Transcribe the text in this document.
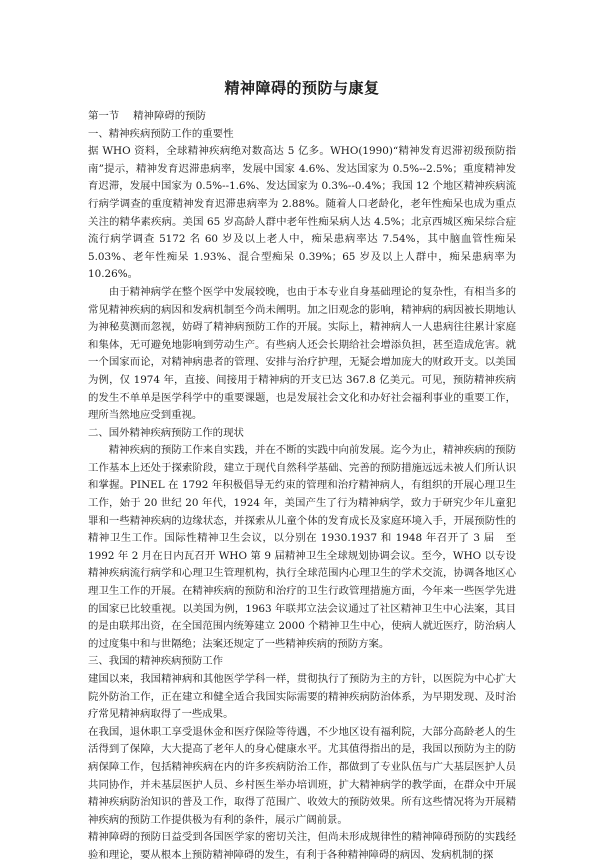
精神障碍的预防与康复

第一节 精神障碍的预防

一、精神疾病预防工作的重要性

据 WHO 资料，全球精神疾病绝对数高达 5 亿多。WHO(1990)“精神发育迟滞初级预防指南”提示，精神发育迟滞患病率，发展中国家 4.6%、发达国家为 0.5%--2.5%；重度精神发育迟滞，发展中国家为 0.5%--1.6%、发达国家为 0.3%--0.4%；我国 12 个地区精神疾病流行病学调查的重度精神发育迟滞患病率为 2.88%。随着人口老龄化，老年性痴呆也成为重点关注的精华素疾病。美国 65 岁高龄人群中老年性痴呆病人达 4.5%；北京西城区痴呆综合症流行病学调查 5172 名 60 岁及以上老人中，痴呆患病率达 7.54%，其中脑血管性痴呆 5.03%、老年性痴呆 1.93%、混合型痴呆 0.39%；65 岁及以上人群中，痴呆患病率为 10.26%。

由于精神病学在整个医学中发展较晚，也由于本专业自身基础理论的复杂性，有相当多的常见精神疾病的病因和发病机制至今尚未阐明。加之旧观念的影响，精神病的病因被长期地认为神秘莫测而忽视，妨碍了精神病预防工作的开展。实际上，精神病人一人患病往往累计家庭和集体，无可避免地影响到劳动生产。有些病人还会长期给社会增添负担，甚至造成危害。就一个国家而论，对精神病患者的管理、安排与治疗护理，无疑会增加庞大的财政开支。以美国为例，仅 1974 年，直接、间接用于精神病的开支已达 367.8 亿美元。可见，预防精神疾病的发生不单单是医学科学中的重要课题，也是发展社会文化和办好社会福利事业的重要工作，理所当然地应受到重视。

二、国外精神疾病预防工作的现状

精神疾病的预防工作来自实践，并在不断的实践中向前发展。迄今为止，精神疾病的预防工作基本上还处于探索阶段，建立于现代自然科学基础、完善的预防措施远远未被人们所认识和掌握。PINEL 在 1792 年积极倡导无约束的管理和治疗精神病人，有组织的开展心理卫生工作，始于 20 世纪 20 年代，1924 年，美国产生了行为精神病学，致力于研究少年儿童犯罪和一些精神疾病的边缘状态，并探索从儿童个体的发育成长及家庭环境入手，开展预防性的精神卫生工作。国际性精神卫生会议，以分别在 1930.1937 和 1948 年召开了 3 届　至 1992 年 2 月在日内瓦召开 WHO 第 9 届精神卫生全球规划协调会议。至今，WHO 以专设精神疾病流行病学和心理卫生管理机构，执行全球范围内心理卫生的学术交流，协调各地区心理卫生工作的开展。在精神疾病的预防和治疗的卫生行政管理措施方面，今年来一些医学先进的国家已比较重视。以美国为例，1963 年联邦立法会议通过了社区精神卫生中心法案，其目的是由联邦出资，在全国范围内统筹建立 2000 个精神卫生中心，使病人就近医疗，防治病人的过度集中和与世隔绝；法案还规定了一些精神疾病的预防方案。

三、我国的精神疾病预防工作

建国以来，我国精神病和其他医学学科一样，贯彻执行了预防为主的方针，以医院为中心扩大院外防治工作，正在建立和健全适合我国实际需要的精神疾病防治体系，为早期发现、及时治疗常见精神病取得了一些成果。

在我国，退休职工享受退休金和医疗保险等待遇，不少地区设有福利院，大部分高龄老人的生活得到了保障，大大提高了老年人的身心健康水平。尤其值得指出的是，我国以预防为主的防病保障工作，包括精神疾病在内的许多疾病防治工作，都做到了专业队伍与广大基层医护人员共同协作，并未基层医护人员、乡村医生举办培训班，扩大精神病学的教学面，在群众中开展精神疾病防治知识的普及工作，取得了范围广、收效大的预防效果。所有这些情况将为开展精神疾病的预防工作提供极为有利的条件，展示广阔前景。

精神障碍的预防日益受到各国医学家的密切关注，但尚未形成规律性的精神障碍预防的实践经验和理论，要从根本上预防精神障碍的发生，有利于各种精神障碍的病因、发病机制的探
